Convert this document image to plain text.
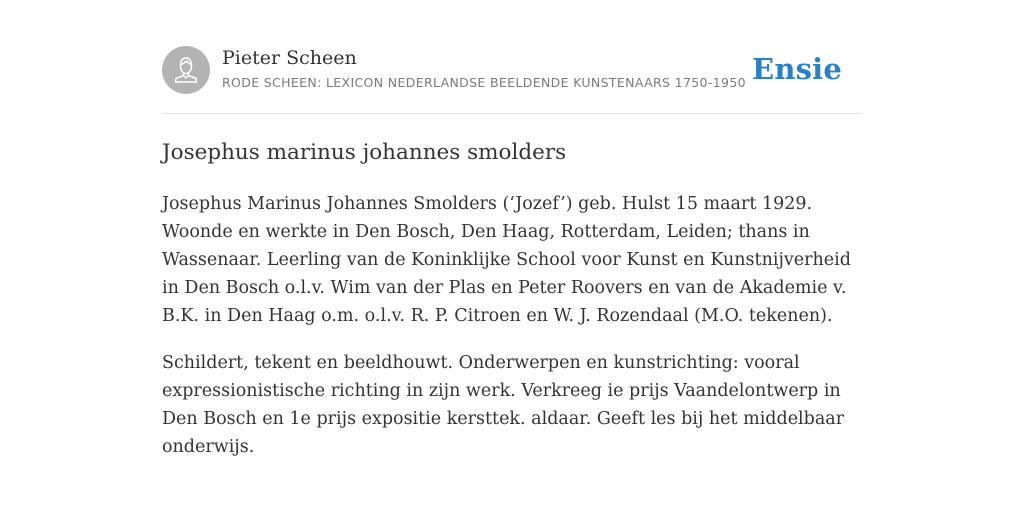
Pieter Scheen
RODE SCHEEN: LEXICON NEDERLANDSE BEELDENDE KUNSTENAARS 1750-1950 Ensie
Josephus marinus johannes smolders

Josephus Marinus Johannes Smolders (‘Jozef’) geb. Hulst 15 maart 1929. Woonde en werkte in Den Bosch, Den Haag, Rotterdam, Leiden; thans in Wassenaar. Leerling van de Koninklijke School voor Kunst en Kunstnijverheid in Den Bosch o.l.v. Wim van der Plas en Peter Roovers en van de Akademie v. B.K. in Den Haag o.m. o.l.v. R. P. Citroen en W. J. Rozendaal (M.O. tekenen).

Schildert, tekent en beeldhouwt. Onderwerpen en kunstrichting: vooral expressionistische richting in zijn werk. Verkreeg ie prijs Vaandelontwerp in Den Bosch en 1e prijs expositie kersttek. aldaar. Geeft les bij het middelbaar onderwijs.
